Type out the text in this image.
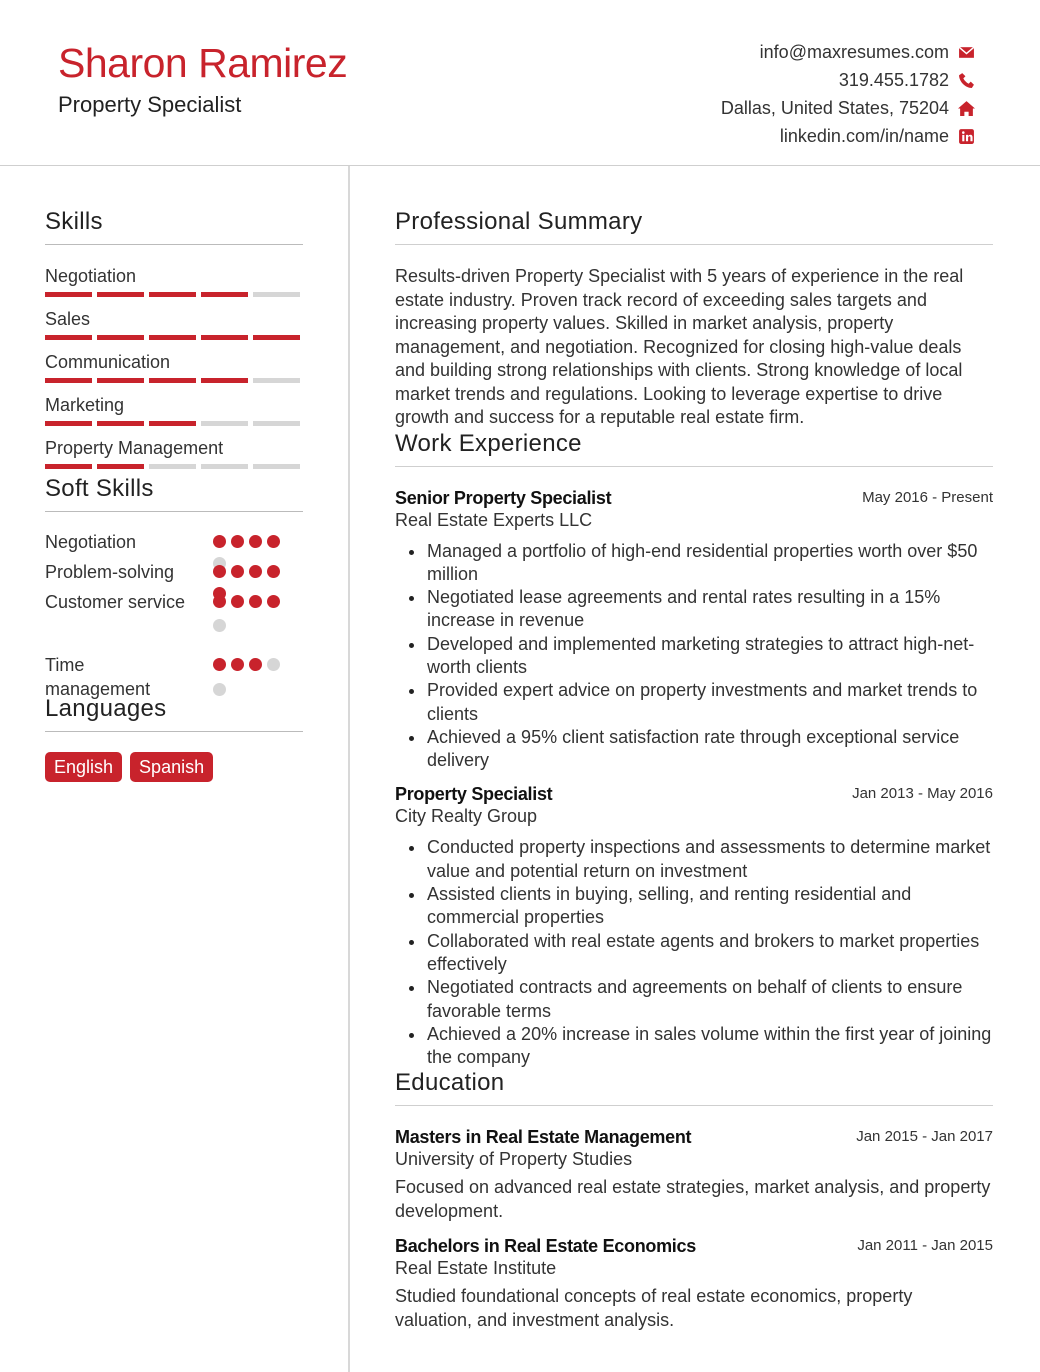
Sharon Ramirez
Property Specialist
info@maxresumes.com
319.455.1782
Dallas, United States, 75204
linkedin.com/in/name
Skills
Negotiation
Sales
Communication
Marketing
Property Management
Soft Skills
Negotiation
Problem-solving
Customer service
Time management
Languages
English	Spanish
Professional Summary
Results-driven Property Specialist with 5 years of experience in the real estate industry. Proven track record of exceeding sales targets and increasing property values. Skilled in market analysis, property management, and negotiation. Recognized for closing high-value deals and building strong relationships with clients. Strong knowledge of local market trends and regulations. Looking to leverage expertise to drive growth and success for a reputable real estate firm.
Work Experience
Senior Property Specialist	May 2016 - Present
Real Estate Experts LLC
Managed a portfolio of high-end residential properties worth over $50 million
Negotiated lease agreements and rental rates resulting in a 15% increase in revenue
Developed and implemented marketing strategies to attract high-net-worth clients
Provided expert advice on property investments and market trends to clients
Achieved a 95% client satisfaction rate through exceptional service delivery
Property Specialist	Jan 2013 - May 2016
City Realty Group
Conducted property inspections and assessments to determine market value and potential return on investment
Assisted clients in buying, selling, and renting residential and commercial properties
Collaborated with real estate agents and brokers to market properties effectively
Negotiated contracts and agreements on behalf of clients to ensure favorable terms
Achieved a 20% increase in sales volume within the first year of joining the company
Education
Masters in Real Estate Management	Jan 2015 - Jan 2017
University of Property Studies
Focused on advanced real estate strategies, market analysis, and property development.
Bachelors in Real Estate Economics	Jan 2011 - Jan 2015
Real Estate Institute
Studied foundational concepts of real estate economics, property valuation, and investment analysis.
